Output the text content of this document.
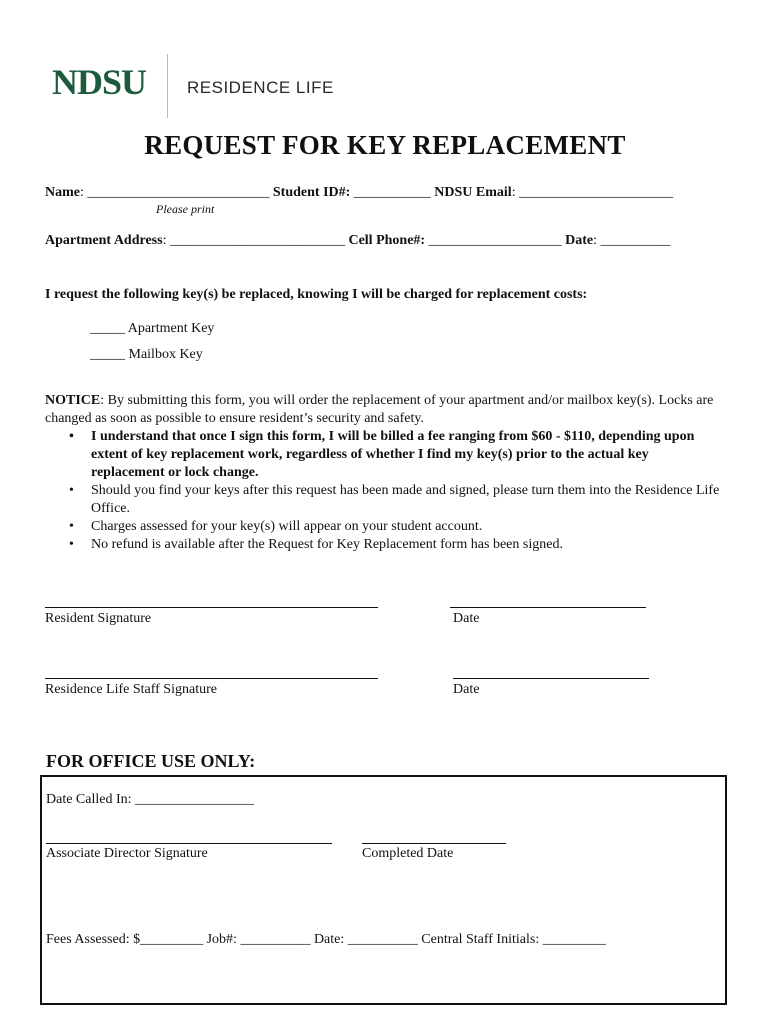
NDSU RESIDENCE LIFE
REQUEST FOR KEY REPLACEMENT
Name: __________________________ Student ID#: ___________ NDSU Email: ______________________
Please print
Apartment Address: _________________________ Cell Phone#: ___________________ Date: __________
I request the following key(s) be replaced, knowing I will be charged for replacement costs:
_____ Apartment Key
_____ Mailbox Key
NOTICE: By submitting this form, you will order the replacement of your apartment and/or mailbox key(s). Locks are changed as soon as possible to ensure resident’s security and safety.
• I understand that once I sign this form, I will be billed a fee ranging from $60 - $110, depending upon extent of key replacement work, regardless of whether I find my key(s) prior to the actual key replacement or lock change.
• Should you find your keys after this request has been made and signed, please turn them into the Residence Life Office.
• Charges assessed for your key(s) will appear on your student account.
• No refund is available after the Request for Key Replacement form has been signed.
Resident Signature	Date
Residence Life Staff Signature	Date
FOR OFFICE USE ONLY:
Date Called In: _________________
Associate Director Signature	Completed Date
Fees Assessed: $_________ Job#: __________ Date: __________ Central Staff Initials: _________
